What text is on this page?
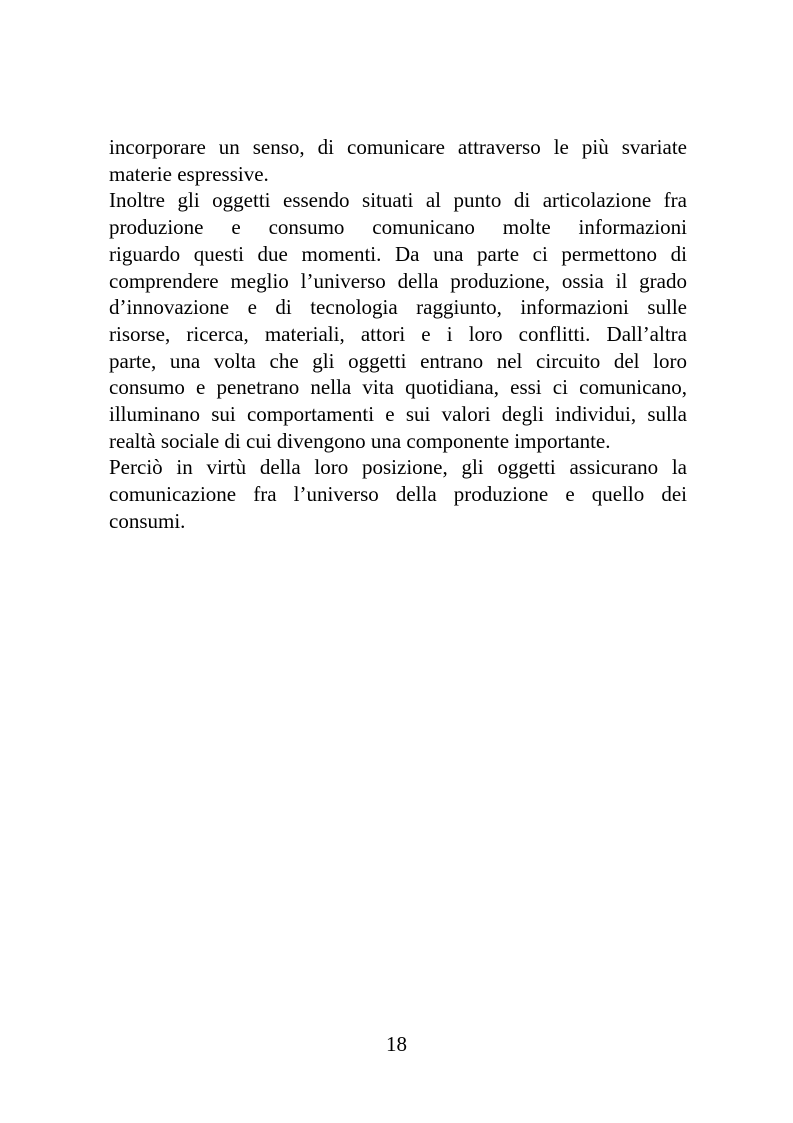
incorporare un senso, di comunicare attraverso le più svariate
materie espressive.

Inoltre gli oggetti essendo situati al punto di articolazione fra
produzione e consumo comunicano molte informazioni
riguardo questi due momenti. Da una parte ci permettono di
comprendere meglio l’universo della produzione, ossia il grado
d’innovazione e di tecnologia raggiunto, informazioni sulle
risorse, ricerca, materiali, attori e i loro conflitti. Dall’altra
parte, una volta che gli oggetti entrano nel circuito del loro
consumo e penetrano nella vita quotidiana, essi ci comunicano,
illuminano sui comportamenti e sui valori degli individui, sulla
realtà sociale di cui divengono una componente importante.

Perciò in virtù della loro posizione, gli oggetti assicurano la
comunicazione fra l’universo della produzione e quello dei
consumi.

18
